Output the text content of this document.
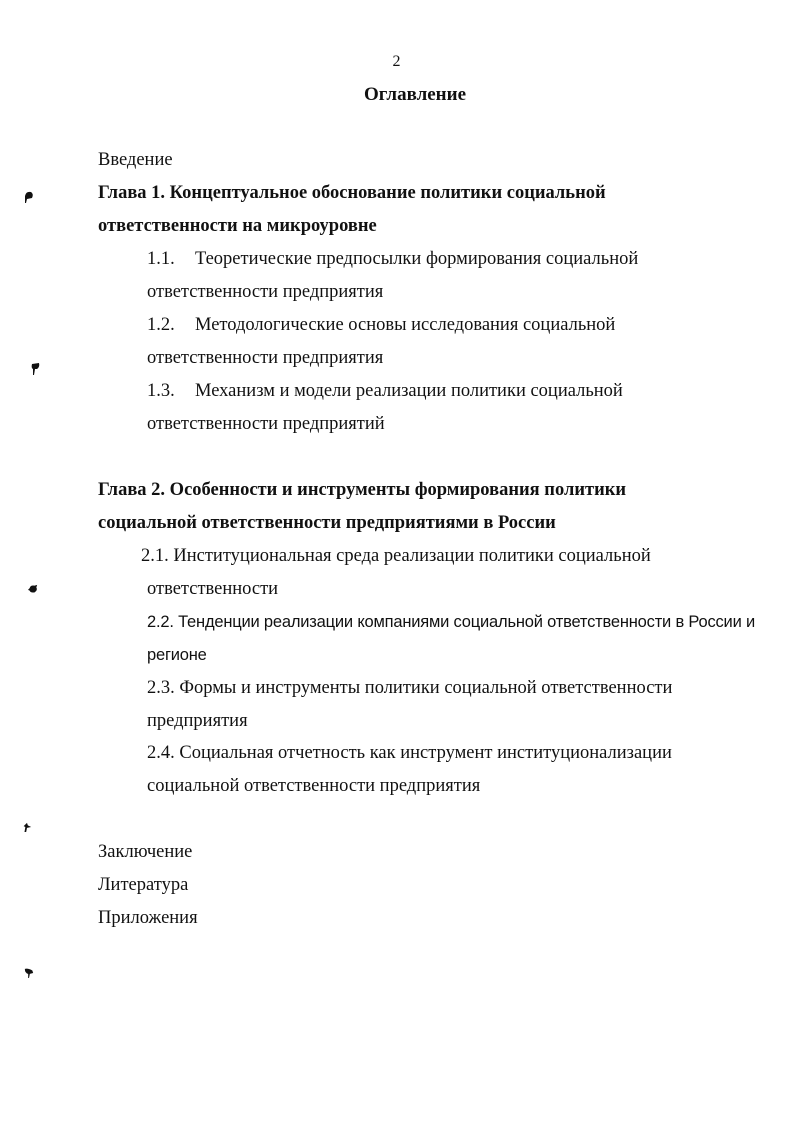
2
Оглавление
Введение
Глава 1. Концептуальное обоснование политики социальной
ответственности на микроуровне
1.1. Теоретические предпосылки формирования социальной
ответственности предприятия
1.2. Методологические основы исследования социальной
ответственности предприятия
1.3. Механизм и модели реализации политики социальной
ответственности предприятий
Глава 2. Особенности и инструменты формирования политики
социальной ответственности предприятиями в России
2.1. Институциональная среда реализации политики социальной
ответственности
2.2. Тенденции реализации компаниями социальной ответственности в России и
регионе
2.3. Формы и инструменты политики социальной ответственности
предприятия
2.4. Социальная отчетность как инструмент институционализации
социальной ответственности предприятия
Заключение
Литература
Приложения
